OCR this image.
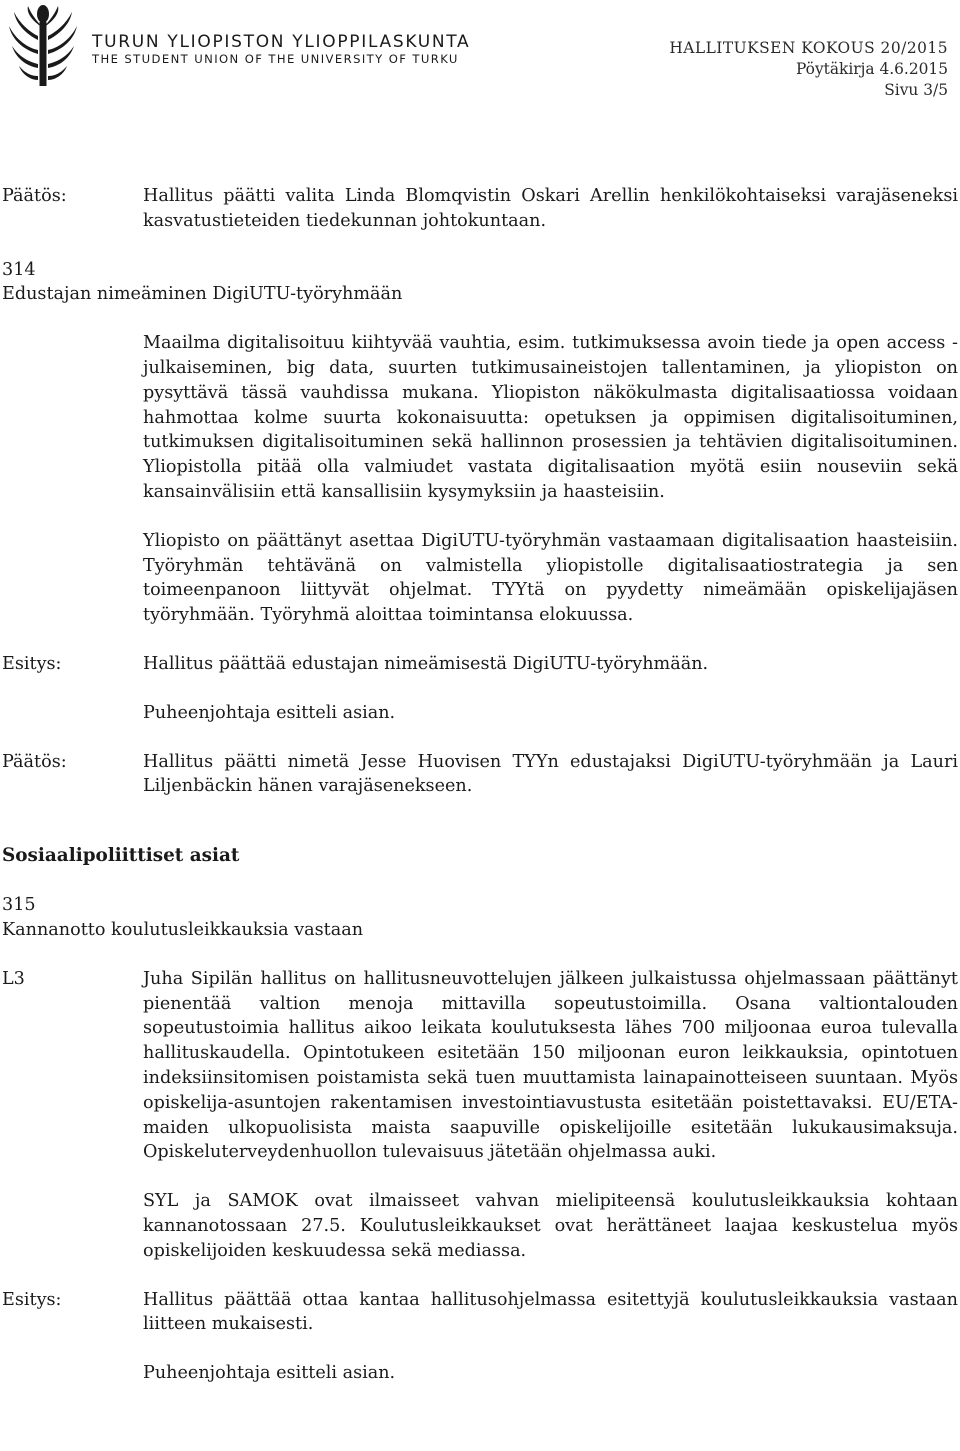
TURUN YLIOPISTON YLIOPPILASKUNTA
THE STUDENT UNION OF THE UNIVERSITY OF TURKU
HALLITUKSEN KOKOUS 20/2015
Pöytäkirja 4.6.2015
Sivu 3/5
Päätös:	Hallitus päätti valita Linda Blomqvistin Oskari Arellin henkilökohtaiseksi varajäseneksi kasvatustieteiden tiedekunnan johtokuntaan.
314
Edustajan nimeäminen DigiUTU-työryhmään
Maailma digitalisoituu kiihtyvää vauhtia, esim. tutkimuksessa avoin tiede ja open access -julkaiseminen, big data, suurten tutkimusaineistojen tallentaminen, ja yliopiston on pysyttävä tässä vauhdissa mukana. Yliopiston näkökulmasta digitalisaatiossa voidaan hahmottaa kolme suurta kokonaisuutta: opetuksen ja oppimisen digitalisoituminen, tutkimuksen digitalisoituminen sekä hallinnon prosessien ja tehtävien digitalisoituminen. Yliopistolla pitää olla valmiudet vastata digitalisaation myötä esiin nouseviin sekä kansainvälisiin että kansallisiin kysymyksiin ja haasteisiin.
Yliopisto on päättänyt asettaa DigiUTU-työryhmän vastaamaan digitalisaation haasteisiin. Työryhmän tehtävänä on valmistella yliopistolle digitalisaatiostrategia ja sen toimeenpanoon liittyvät ohjelmat. TYYtä on pyydetty nimeämään opiskelijajäsen työryhmään. Työryhmä aloittaa toimintansa elokuussa.
Esitys:	Hallitus päättää edustajan nimeämisestä DigiUTU-työryhmään.
Puheenjohtaja esitteli asian.
Päätös:	Hallitus päätti nimetä Jesse Huovisen TYYn edustajaksi DigiUTU-työryhmään ja Lauri Liljenbäckin hänen varajäsenekseen.
Sosiaalipoliittiset asiat
315
Kannanotto koulutusleikkauksia vastaan
L3	Juha Sipilän hallitus on hallitusneuvottelujen jälkeen julkaistussa ohjelmassaan päättänyt pienentää valtion menoja mittavilla sopeutustoimilla. Osana valtiontalouden sopeutustoimia hallitus aikoo leikata koulutuksesta lähes 700 miljoonaa euroa tulevalla hallituskaudella. Opintotukeen esitetään 150 miljoonan euron leikkauksia, opintotuen indeksiinsitomisen poistamista sekä tuen muuttamista lainapainotteiseen suuntaan. Myös opiskelija-asuntojen rakentamisen investointiavustusta esitetään poistettavaksi. EU/ETA-maiden ulkopuolisista maista saapuville opiskelijoille esitetään lukukausimaksuja. Opiskeluterveydenhuollon tulevaisuus jätetään ohjelmassa auki.
SYL ja SAMOK ovat ilmaisseet vahvan mielipiteensä koulutusleikkauksia kohtaan kannanotossaan 27.5. Koulutusleikkaukset ovat herättäneet laajaa keskustelua myös opiskelijoiden keskuudessa sekä mediassa.
Esitys:	Hallitus päättää ottaa kantaa hallitusohjelmassa esitettyjä koulutusleikkauksia vastaan liitteen mukaisesti.
Puheenjohtaja esitteli asian.
